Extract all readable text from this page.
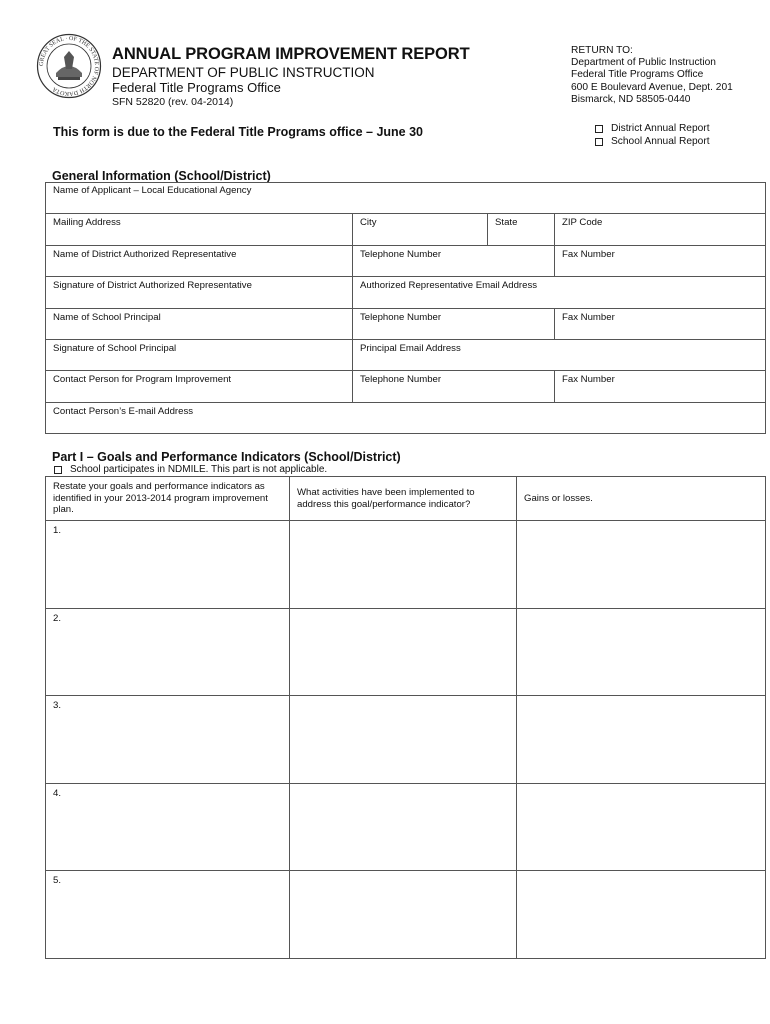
GREAT SEAL · OF THE STATE OF NORTH DAKOTA
ANNUAL PROGRAM IMPROVEMENT REPORT
DEPARTMENT OF PUBLIC INSTRUCTION
Federal Title Programs Office
SFN 52820 (rev. 04-2014)
RETURN TO:
Department of Public Instruction
Federal Title Programs Office
600 E Boulevard Avenue, Dept. 201
Bismarck, ND 58505-0440
This form is due to the Federal Title Programs office – June 30	District Annual Report
School Annual Report
General Information (School/District)
Name of Applicant – Local Educational Agency			
Mailing Address	City	State	ZIP Code
Name of District Authorized Representative	Telephone Number		Fax Number
Signature of District Authorized Representative	Authorized Representative Email Address		
Name of School Principal	Telephone Number		Fax Number
Signature of School Principal	Principal Email Address		
Contact Person for Program Improvement	Telephone Number		Fax Number
Contact Person’s E-mail Address			
Part I – Goals and Performance Indicators (School/District)
School participates in NDMILE. This part is not applicable.
Restate your goals and performance indicators as identified in your 2013-2014 program improvement plan.	What activities have been implemented to address this goal/performance indicator?	Gains or losses.
1.		
2.		
3.		
4.		
5.		
